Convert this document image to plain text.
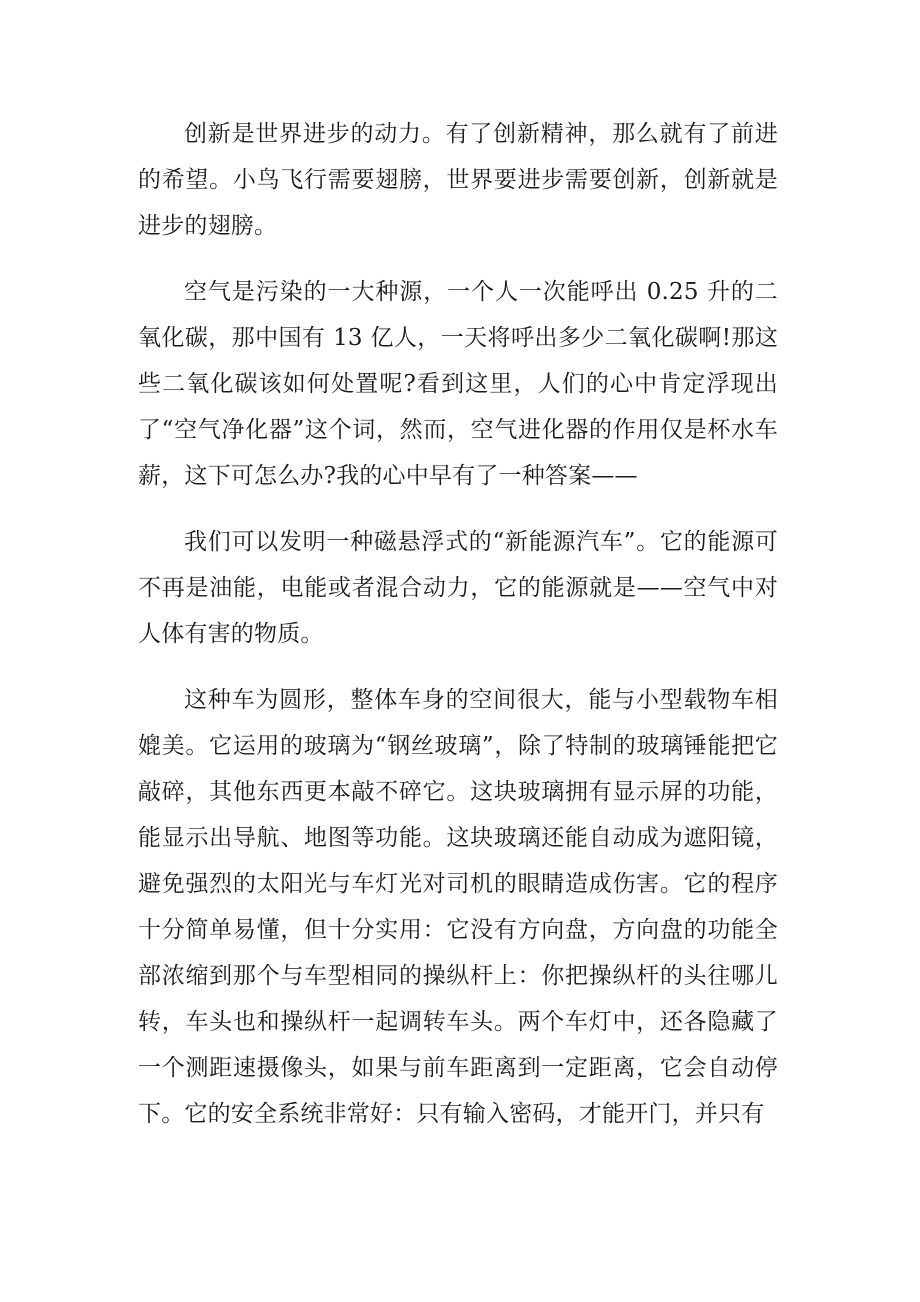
创新是世界进步的动力。有了创新精神，那么就有了前进的希望。小鸟飞行需要翅膀，世界要进步需要创新，创新就是进步的翅膀。

空气是污染的一大种源，一个人一次能呼出 0.25 升的二氧化碳，那中国有 13 亿人，一天将呼出多少二氧化碳啊!那这些二氧化碳该如何处置呢?看到这里，人们的心中肯定浮现出了“空气净化器”这个词，然而，空气进化器的作用仅是杯水车薪，这下可怎么办?我的心中早有了一种答案——

我们可以发明一种磁悬浮式的“新能源汽车”。它的能源可不再是油能，电能或者混合动力，它的能源就是——空气中对人体有害的物质。

这种车为圆形，整体车身的空间很大，能与小型载物车相媲美。它运用的玻璃为“钢丝玻璃”，除了特制的玻璃锤能把它敲碎，其他东西更本敲不碎它。这块玻璃拥有显示屏的功能，能显示出导航、地图等功能。这块玻璃还能自动成为遮阳镜，避免强烈的太阳光与车灯光对司机的眼睛造成伤害。它的程序十分简单易懂，但十分实用：它没有方向盘，方向盘的功能全部浓缩到那个与车型相同的操纵杆上：你把操纵杆的头往哪儿转，车头也和操纵杆一起调转车头。两个车灯中，还各隐藏了一个测距速摄像头，如果与前车距离到一定距离，它会自动停下。它的安全系统非常好：只有输入密码，才能开门，并只有
